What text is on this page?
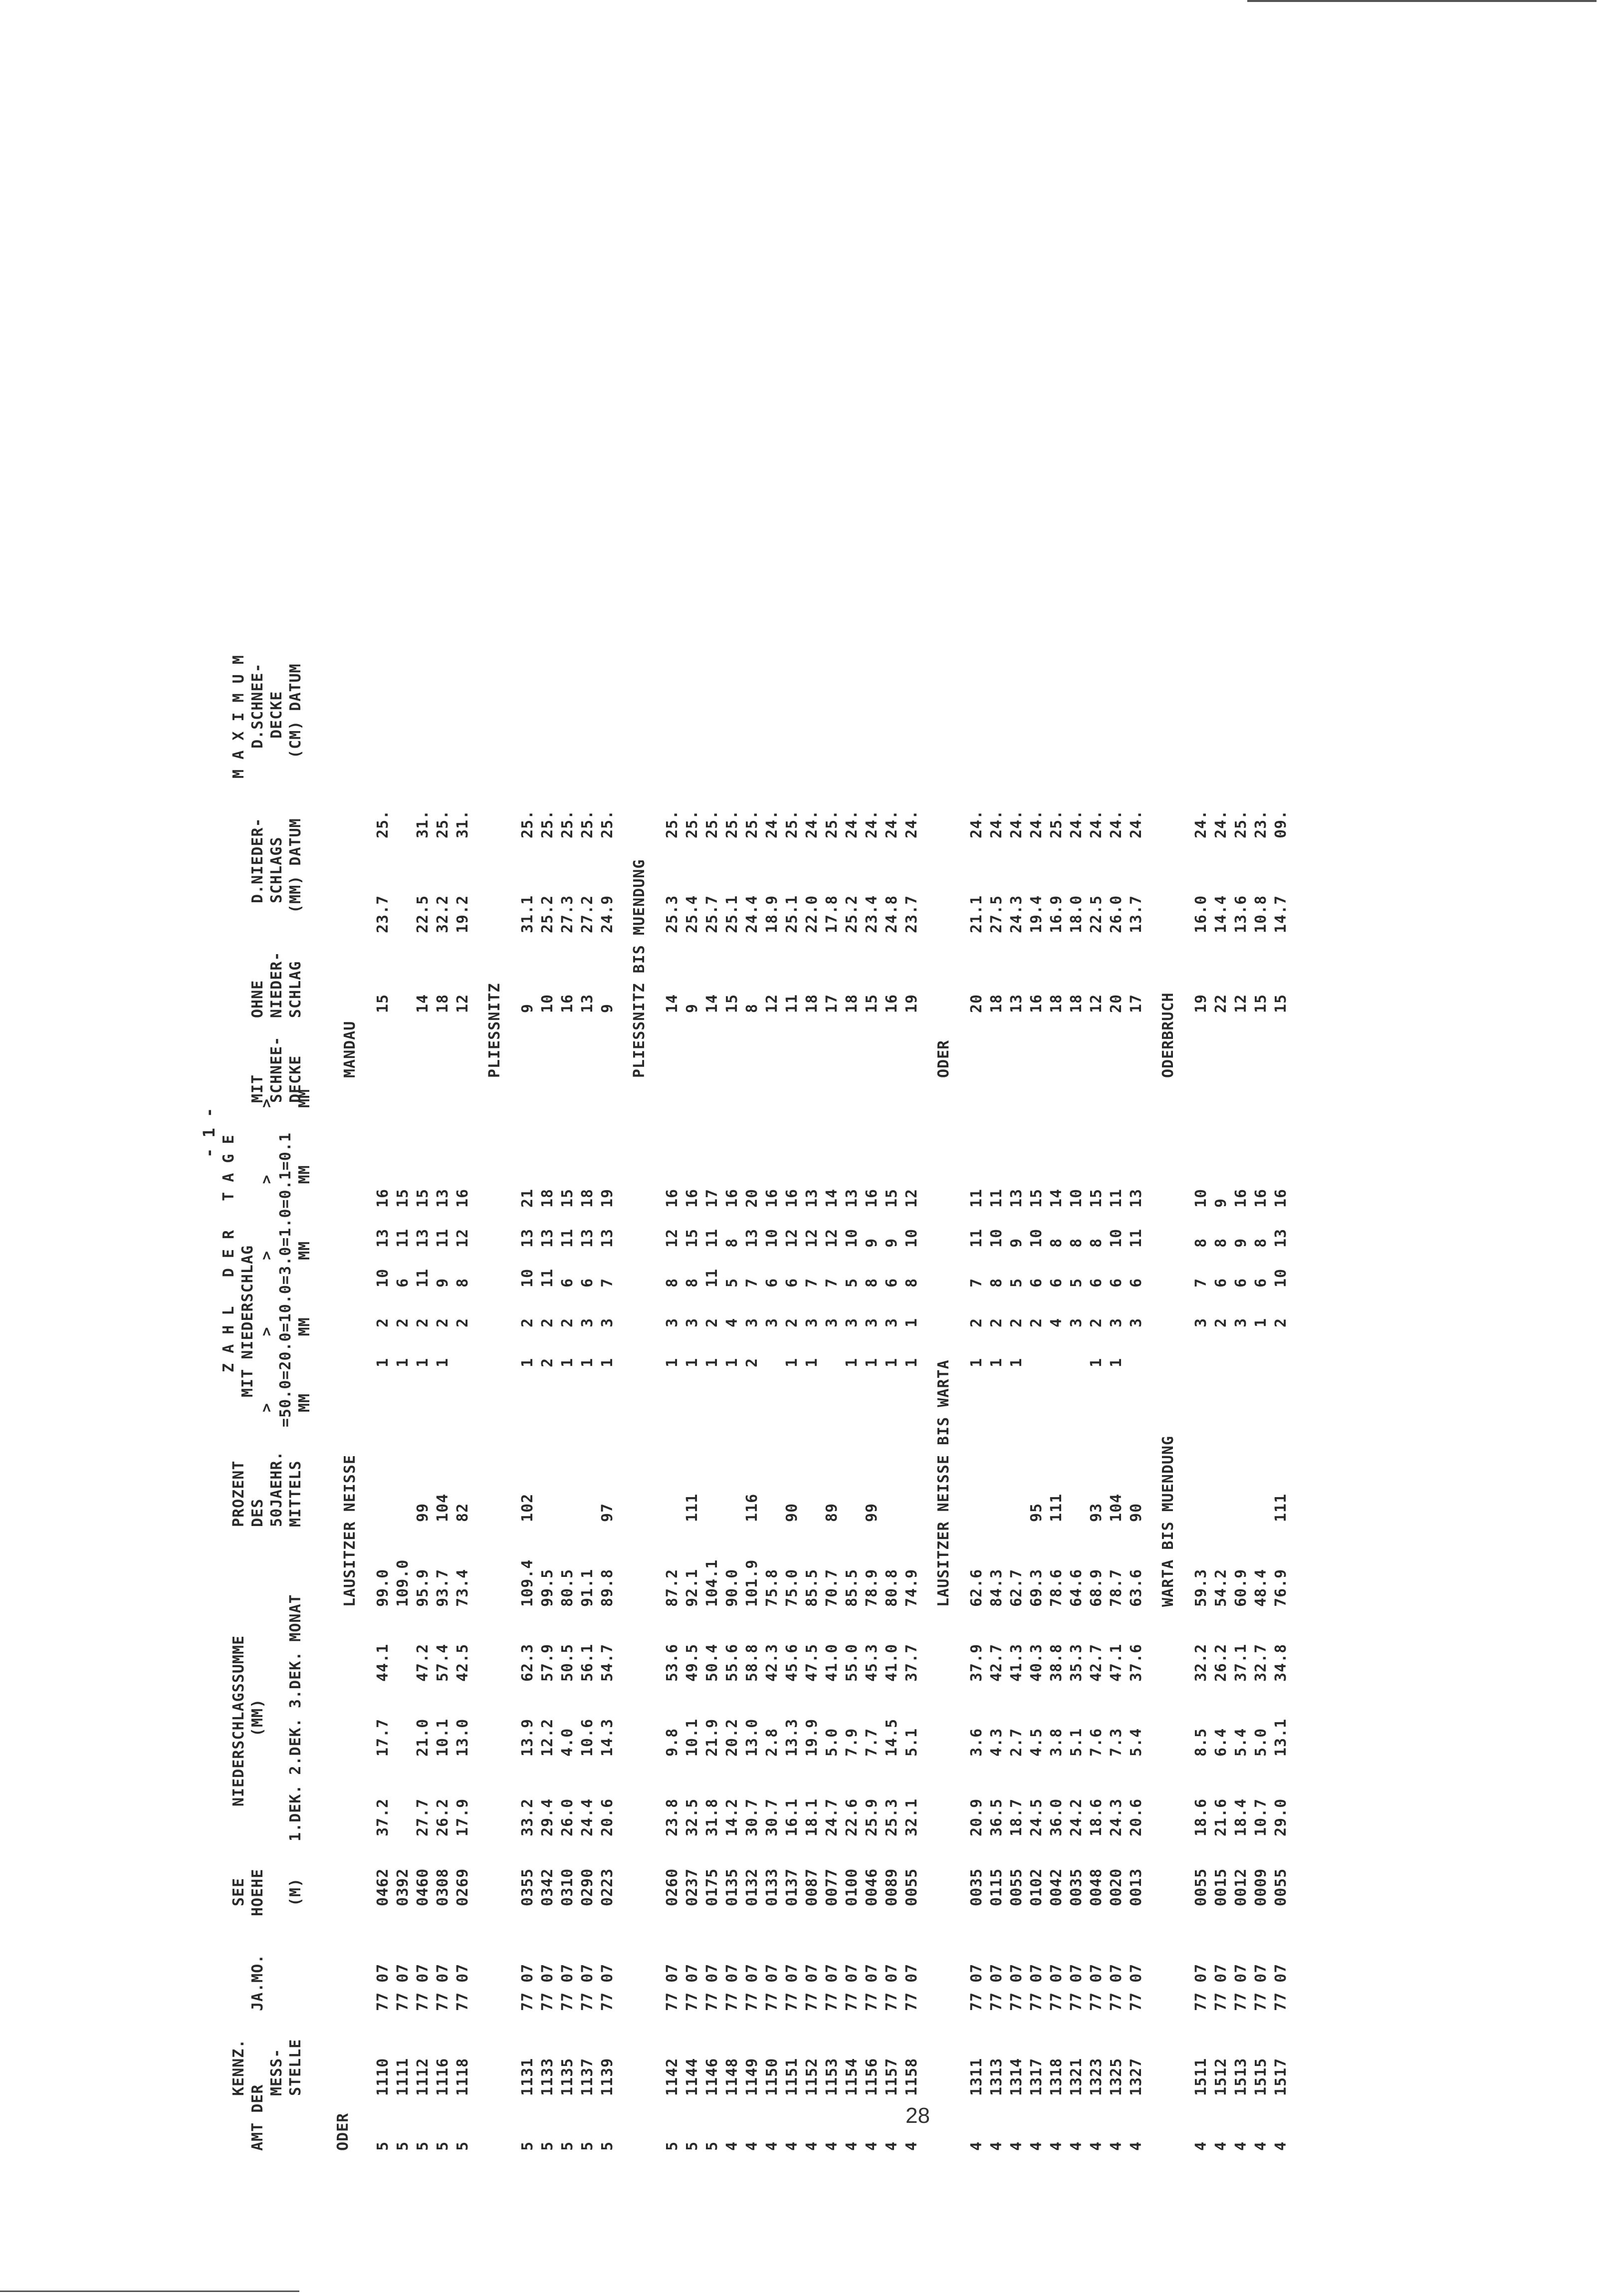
- 1 -
KENNZ.
AMT DER
MESS- STELLE
JA.MO.
SEE HOEHE (M)
NIEDERSCHLAGSSUMME (MM) 1.DEK. 2.DEK. 3.DEK. MONAT
PROZENT DES 50JAEHR. MITTELS
Z A H L   D E R   T A G E MIT NIEDERSCHLAG >       >       >       >       > =50.0=20.0=10.0=3.0=1.0=0.1=0.1 MM      MM      MM      MM      MM
MIT SCHNEE- DECKE
OHNE NIEDER- SCHLAG
M A X I M U M
D.NIEDER- SCHLAGS (MM) DATUM
D.SCHNEE- DECKE (CM) DATUM
ODER
LAUSITZER NEISSE
MANDAU
5
1110
77 07
0462
37.2
17.7
44.1
99.0
1
2
10
13
16
15
23.7
25.
5
1111
77 07
0392
109.0
1
2
6
11
15
5
1112
77 07
0460
27.7
21.0
47.2
95.9
99
1
2
11
13
15
14
22.5
31.
5
1116
77 07
0308
26.2
10.1
57.4
93.7
104
1
2
9
11
13
18
32.2
25.
5
1118
77 07
0269
17.9
13.0
42.5
73.4
82
2
8
12
16
12
19.2
31.
PLIESSNITZ
5
1131
77 07
0355
33.2
13.9
62.3
109.4
102
1
2
10
13
21
9
31.1
25.
5
1133
77 07
0342
29.4
12.2
57.9
99.5
2
2
11
13
18
10
25.2
25.
5
1135
77 07
0310
26.0
4.0
50.5
80.5
1
2
6
11
15
16
27.3
25.
5
1137
77 07
0290
24.4
10.6
56.1
91.1
1
3
6
13
18
13
27.2
25.
5
1139
77 07
0223
20.6
14.3
54.7
89.8
97
1
3
7
13
19
9
24.9
25.
PLIESSNITZ BIS MUENDUNG
5
1142
77 07
0260
23.8
9.8
53.6
87.2
1
3
8
12
16
14
25.3
25.
5
1144
77 07
0237
32.5
10.1
49.5
92.1
111
1
3
8
15
16
9
25.4
25.
5
1146
77 07
0175
31.8
21.9
50.4
104.1
1
2
11
11
17
14
25.7
25.
4
1148
77 07
0135
14.2
20.2
55.6
90.0
1
4
5
8
16
15
25.1
25.
4
1149
77 07
0132
30.7
13.0
58.8
101.9
116
2
3
7
13
20
8
24.4
25.
4
1150
77 07
0133
30.7
2.8
42.3
75.8
3
6
10
16
12
18.9
24.
4
1151
77 07
0137
16.1
13.3
45.6
75.0
90
1
2
6
12
16
11
25.1
25.
4
1152
77 07
0087
18.1
19.9
47.5
85.5
1
3
7
12
13
18
22.0
24.
4
1153
77 07
0077
24.7
5.0
41.0
70.7
89
3
7
12
14
17
17.8
25.
4
1154
77 07
0100
22.6
7.9
55.0
85.5
1
3
5
10
13
18
25.2
24.
4
1156
77 07
0046
25.9
7.7
45.3
78.9
99
1
3
8
9
16
15
23.4
24.
4
1157
77 07
0089
25.3
14.5
41.0
80.8
1
3
6
9
15
16
24.8
24.
4
1158
77 07
0055
32.1
5.1
37.7
74.9
1
1
8
10
12
19
23.7
24.
LAUSITZER NEISSE BIS WARTA
ODER
4
1311
77 07
0035
20.9
3.6
37.9
62.6
1
2
7
11
11
20
21.1
24.
4
1313
77 07
0115
36.5
4.3
42.7
84.3
1
2
8
10
11
18
27.5
24.
4
1314
77 07
0055
18.7
2.7
41.3
62.7
1
2
5
9
13
13
24.3
24.
4
1317
77 07
0102
24.5
4.5
40.3
69.3
95
2
6
10
15
16
19.4
24.
4
1318
77 07
0042
36.0
3.8
38.8
78.6
111
4
6
8
14
18
16.9
25.
4
1321
77 07
0035
24.2
5.1
35.3
64.6
3
5
8
10
18
18.0
24.
4
1323
77 07
0048
18.6
7.6
42.7
68.9
93
1
2
6
8
15
12
22.5
24.
4
1325
77 07
0020
24.3
7.3
47.1
78.7
104
1
3
6
10
11
20
26.0
24.
4
1327
77 07
0013
20.6
5.4
37.6
63.6
90
3
6
11
13
17
13.7
24.
WARTA BIS MUENDUNG
ODERBRUCH
4
1511
77 07
0055
18.6
8.5
32.2
59.3
3
7
8
10
19
16.0
24.
4
1512
77 07
0015
21.6
6.4
26.2
54.2
2
6
8
9
22
14.4
24.
4
1513
77 07
0012
18.4
5.4
37.1
60.9
3
6
9
16
12
13.6
25.
4
1515
77 07
0009
10.7
5.0
32.7
48.4
1
6
8
16
15
10.8
23.
4
1517
77 07
0055
29.0
13.1
34.8
76.9
111
2
10
13
16
15
14.7
09.
28
